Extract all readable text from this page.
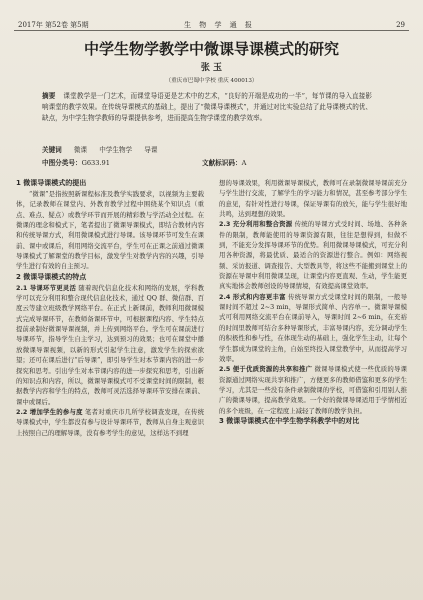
2017年 第52卷 第5期	生 物 学 通 报	29
中学生物学教学中微课导课模式的研究
张 玉
（重庆市巴蜀中学校 重庆 400013）
摘要 课堂教学是一门艺术，而课堂导语更是艺术中的艺术，“良好的开端是成功的一半”，每节课的导入直接影响课堂的教学效果。在传统导课模式的基础上，提出了“微课导课模式”，并通过对比实验总结了此导课模式的优、缺点，为中学生物学教师的导课提供参考，进而提高生物学课堂的教学效率。
关键词 微课 中学生物学 导课
中图分类号：G633.91	文献标识码：A
1 微课导课模式的提出

“微课”是指按照新课程标准及教学实践要求，以视频为主要载体，记录教师在课堂内、外教育教学过程中围绕某个知识点（重点、难点、疑点）或教学环节而开展的精彩教与学活动全过程。在微课的理念和模式下，笔者提出了微课导课模式，即结合教材内容和传统导课方式，利用微课模式进行导课。该导课环节可发生在课前、课中或课后，利用网络交流平台，学生可在正课之前通过微课导课模式了解课堂的教学目标，激发学生对教学内容的兴趣，引导学生进行有效的自主预习。

2 微课导课模式的特点

2.1 导课环节更灵活 随着现代信息化技术和网络的发展，学科教学可以充分利用和整合现代信息化技术，通过 QQ 群、微信群、百度云等建立班级教学网络平台。在正式上新课前，教师利用微课模式完成导课环节，在教师备课环节中，可根据课程内容、学生特点提前录制好微课导课视频，并上传到网络平台。学生可在课前进行导课环节，指导学生自主学习，达到预习的效果；也可在课堂中播放微课导课视频，以新的形式引起学生注意，激发学生的探索欲望；还可在课后进行“后导课”，即引导学生对本节课内容的进一步探究和思考。引出学生对本节课内容的进一步探究和思考，引出新的知识点和内容，所以，微课导课模式可不受课堂时间的限制，根据教学内容和学生的特点，教师可灵活选择导课环节安排在课前、课中或课后。

2.2 增加学生的参与度 笔者对重庆市几所学校调查发现，在传统导课模式中，学生都没有参与设计导课环节，教师从自身主观意识上按照自己的理解导课，没有参考学生的意见，这样达不到理

想的导课效果，利用微课导课模式，教师可在录制微课导课前充分与学生进行交流，了解学生的学习能力和情况，甚至参考部分学生的意见，有针对性进行导课，保证导课有的放矢，能与学生很好地共鸣，达到理想的效果。

2.3 充分利用和整合资源 传统的导课方式受时间、场地、各种条件的限制，教师能使用的导课资源有限，往往是想得到，但做不到，不能充分发挥导课环节的优势。利用微课导课模式，可充分利用各种资源，将最优质、最适合的资源进行整合。例如：网络视频、采访报道、调查报告、大型教具等，将这些不能搬到课堂上的资源在导课中利用微课呈现，让课堂内容更直观、生动，学生能更真实地体会教师创设的导课情境，有效提高课堂效率。

2.4 形式和内容更丰富 传统导课方式受课堂时间的限制，一般导课时间不超过 2~3 min，导课形式简单、内容单一。微课导课模式可利用网络交流平台在课前导入，导课时间 2~6 min，在充裕的时间里教师可结合多种导课形式，丰富导课内容，充分调动学生的积极性和参与性，在体现生动的基础上，强化学生主动，让每个学生都成为课堂的主角，自始至终投入课堂教学中，从而提高学习效率。

2.5 便于优质资源的共享和推广 微课导课模式使一些优质的导课资源通过网络实现共享和推广，方便更多的教师借鉴和更多的学生学习，尤其是一些没有条件录制微课的学校，可借鉴和引用别人推广的微课导课，提高教学效果。一个好的微课导课适用于学情相近的多个班级，在一定程度上减轻了教师的教学负担。

3 微课导课模式在中学生物学科教学中的对比
